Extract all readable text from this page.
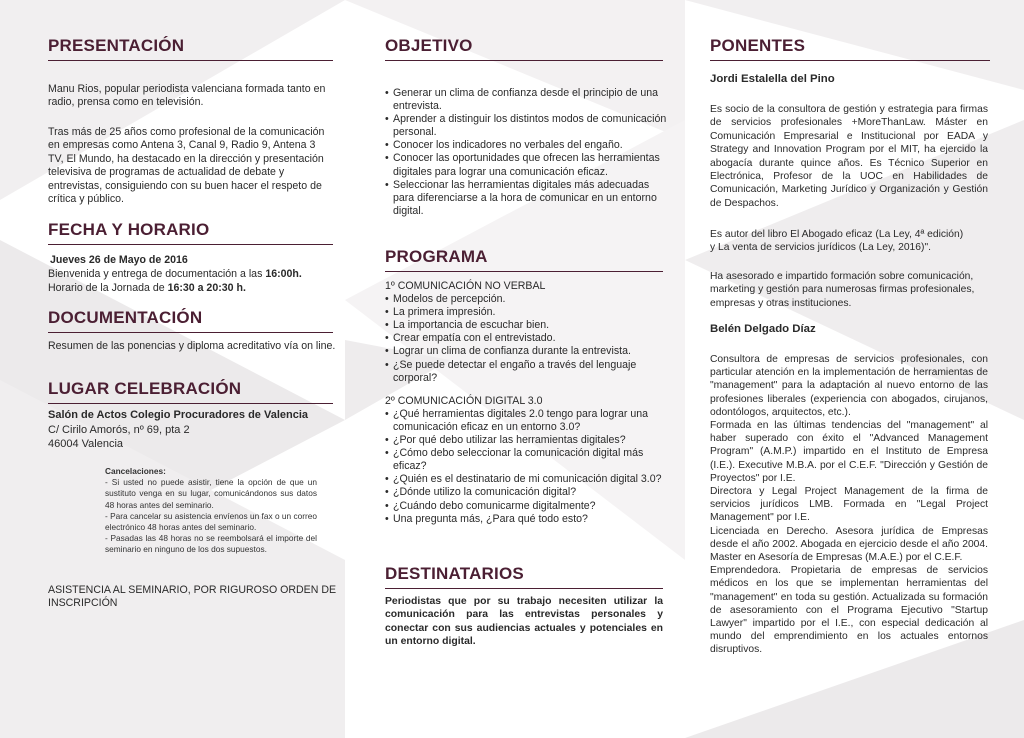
PRESENTACIÓN

Manu Rios, popular periodista valenciana formada tanto en radio, prensa como en televisión.

Tras más de 25 años como profesional de la comunicación en empresas como Antena 3, Canal 9, Radio 9, Antena 3 TV, El Mundo, ha destacado en la dirección y presentación televisiva de programas de actualidad de debate y entrevistas, consiguiendo con su buen hacer el respeto de crítica y público.

FECHA Y HORARIO

Jueves 26 de Mayo de 2016

Bienvenida y entrega de documentación a las 16:00h.

Horario de la Jornada de 16:30 a 20:30 h.

DOCUMENTACIÓN

Resumen de las ponencias y diploma acreditativo vía on line.

LUGAR CELEBRACIÓN

Salón de Actos Colegio Procuradores de Valencia

C/ Cirilo Amorós, nº 69, pta 2

46004 Valencia

Cancelaciones:
- Si usted no puede asistir, tiene la opción de que un sustituto venga en su lugar, comunicándonos sus datos 48 horas antes del seminario.
- Para cancelar su asistencia envíenos un fax o un correo electrónico 48 horas antes del seminario.
- Pasadas las 48 horas no se reembolsará el importe del seminario en ninguno de los dos supuestos.

ASISTENCIA AL SEMINARIO, POR RIGUROSO ORDEN DE INSCRIPCIÓN

OBJETIVO
• Generar un clima de confianza desde el principio de una entrevista.
• Aprender a distinguir los distintos modos de comunicación personal.
• Conocer los indicadores no verbales del engaño.
• Conocer las oportunidades que ofrecen las herramientas digitales para lograr una comunicación eficaz.
• Seleccionar las herramientas digitales más adecuadas para diferenciarse a la hora de comunicar en un entorno digital.
PROGRAMA

1º COMUNICACIÓN NO VERBAL

• Modelos de percepción.
• La primera impresión.
• La importancia de escuchar bien.
• Crear empatía con el entrevistado.
• Lograr un clima de confianza durante la entrevista.
• ¿Se puede detectar el engaño a través del lenguaje corporal?

2º COMUNICACIÓN DIGITAL 3.0

• ¿Qué herramientas digitales 2.0 tengo para lograr una comunicación eficaz en un entorno 3.0?
• ¿Por qué debo utilizar las herramientas digitales?
• ¿Cómo debo seleccionar la comunicación digital más eficaz?
• ¿Quién es el destinatario de mi comunicación digital 3.0?
• ¿Dónde utilizo la comunicación digital?
• ¿Cuándo debo comunicarme digitalmente?
• Una pregunta más, ¿Para qué todo esto?
DESTINATARIOS

Periodistas que por su trabajo necesiten utilizar la comunicación para las entrevistas personales y conectar con sus audiencias actuales y potenciales en un entorno digital.

PONENTES

Jordi Estalella del Pino

Es socio de la consultora de gestión y estrategia para firmas de servicios profesionales +MoreThanLaw. Máster en Comunicación Empresarial e Institucional por EADA y Strategy and Innovation Program por el MIT, ha ejercido la abogacía durante quince años. Es Técnico Superior en Electrónica, Profesor de la UOC en Habilidades de Comunicación, Marketing Jurídico y Organización y Gestión de Despachos.

Es autor del libro El Abogado eficaz (La Ley, 4ª edición)
y La venta de servicios jurídicos (La Ley, 2016)".

Ha asesorado e impartido formación sobre comunicación, marketing y gestión para numerosas firmas profesionales, empresas y otras instituciones.

Belén Delgado Díaz

Consultora de empresas de servicios profesionales, con particular atención en la implementación de herramientas de "management" para la adaptación al nuevo entorno de las profesiones liberales (experiencia con abogados, cirujanos, odontólogos, arquitectos, etc.).

Formada en las últimas tendencias del "management" al haber superado con éxito el "Advanced Management Program" (A.M.P.) impartido en el Instituto de Empresa (I.E.). Executive M.B.A. por el C.E.F. "Dirección y Gestión de Proyectos" por I.E.

Directora y Legal Project Management de la firma de servicios jurídicos LMB. Formada en "Legal Project Management" por I.E.

Licenciada en Derecho. Asesora jurídica de Empresas desde el año 2002. Abogada en ejercicio desde el año 2004. Master en Asesoría de Empresas (M.A.E.) por el C.E.F.

Emprendedora. Propietaria de empresas de servicios médicos en los que se implementan herramientas del "management" en toda su gestión. Actualizada su formación de asesoramiento con el Programa Ejecutivo "Startup Lawyer" impartido por el I.E., con especial dedicación al mundo del emprendimiento en los actuales entornos disruptivos.
